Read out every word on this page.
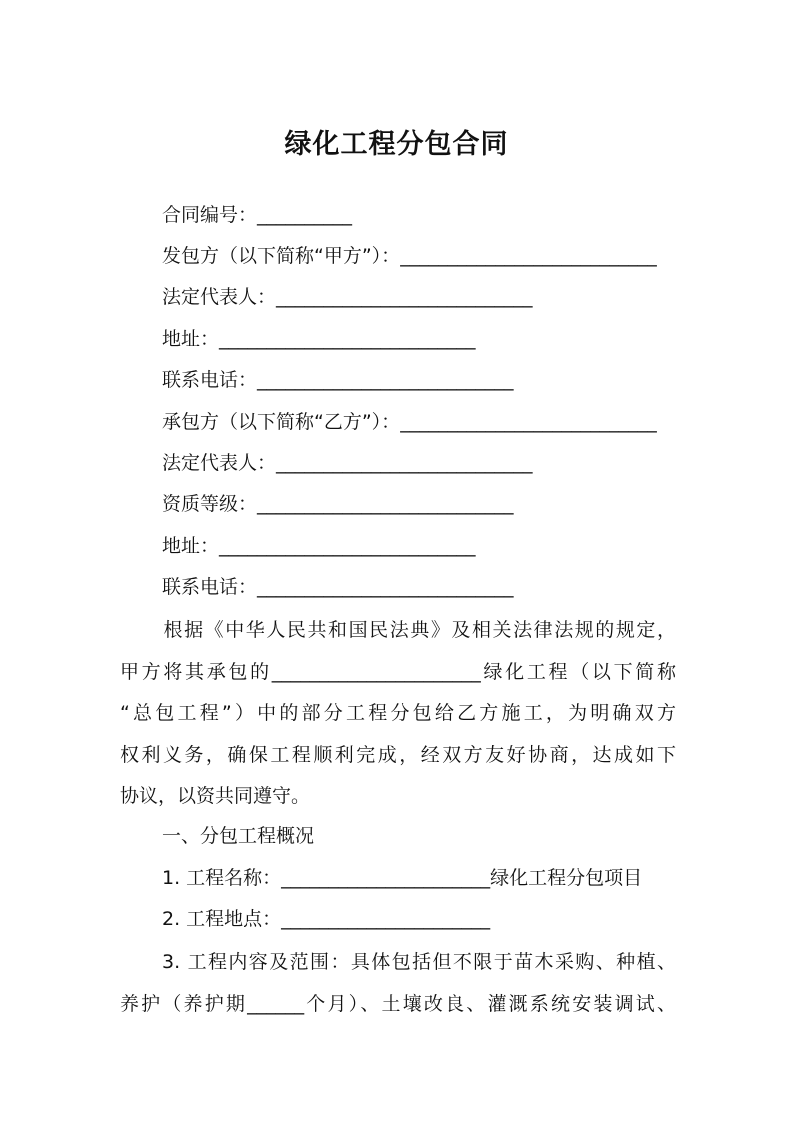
绿化工程分包合同
合同编号：__________
发包方（以下简称“甲方”）：___________________________
法定代表人：___________________________
地址：___________________________
联系电话：___________________________
承包方（以下简称“乙方”）：___________________________
法定代表人：___________________________
资质等级：___________________________
地址：___________________________
联系电话：___________________________

根据《中华人民共和国民法典》及相关法律法规的规定，

甲方将其承包的______________________绿化工程（以下简称

“总包工程”）中的部分工程分包给乙方施工，为明确双方

权利义务，确保工程顺利完成，经双方友好协商，达成如下

协议，以资共同遵守。

一、分包工程概况
1. 工程名称：______________________绿化工程分包项目
2. 工程地点：______________________

3. 工程内容及范围：具体包括但不限于苗木采购、种植、

养护（养护期______个月）、土壤改良、灌溉系统安装调试、
